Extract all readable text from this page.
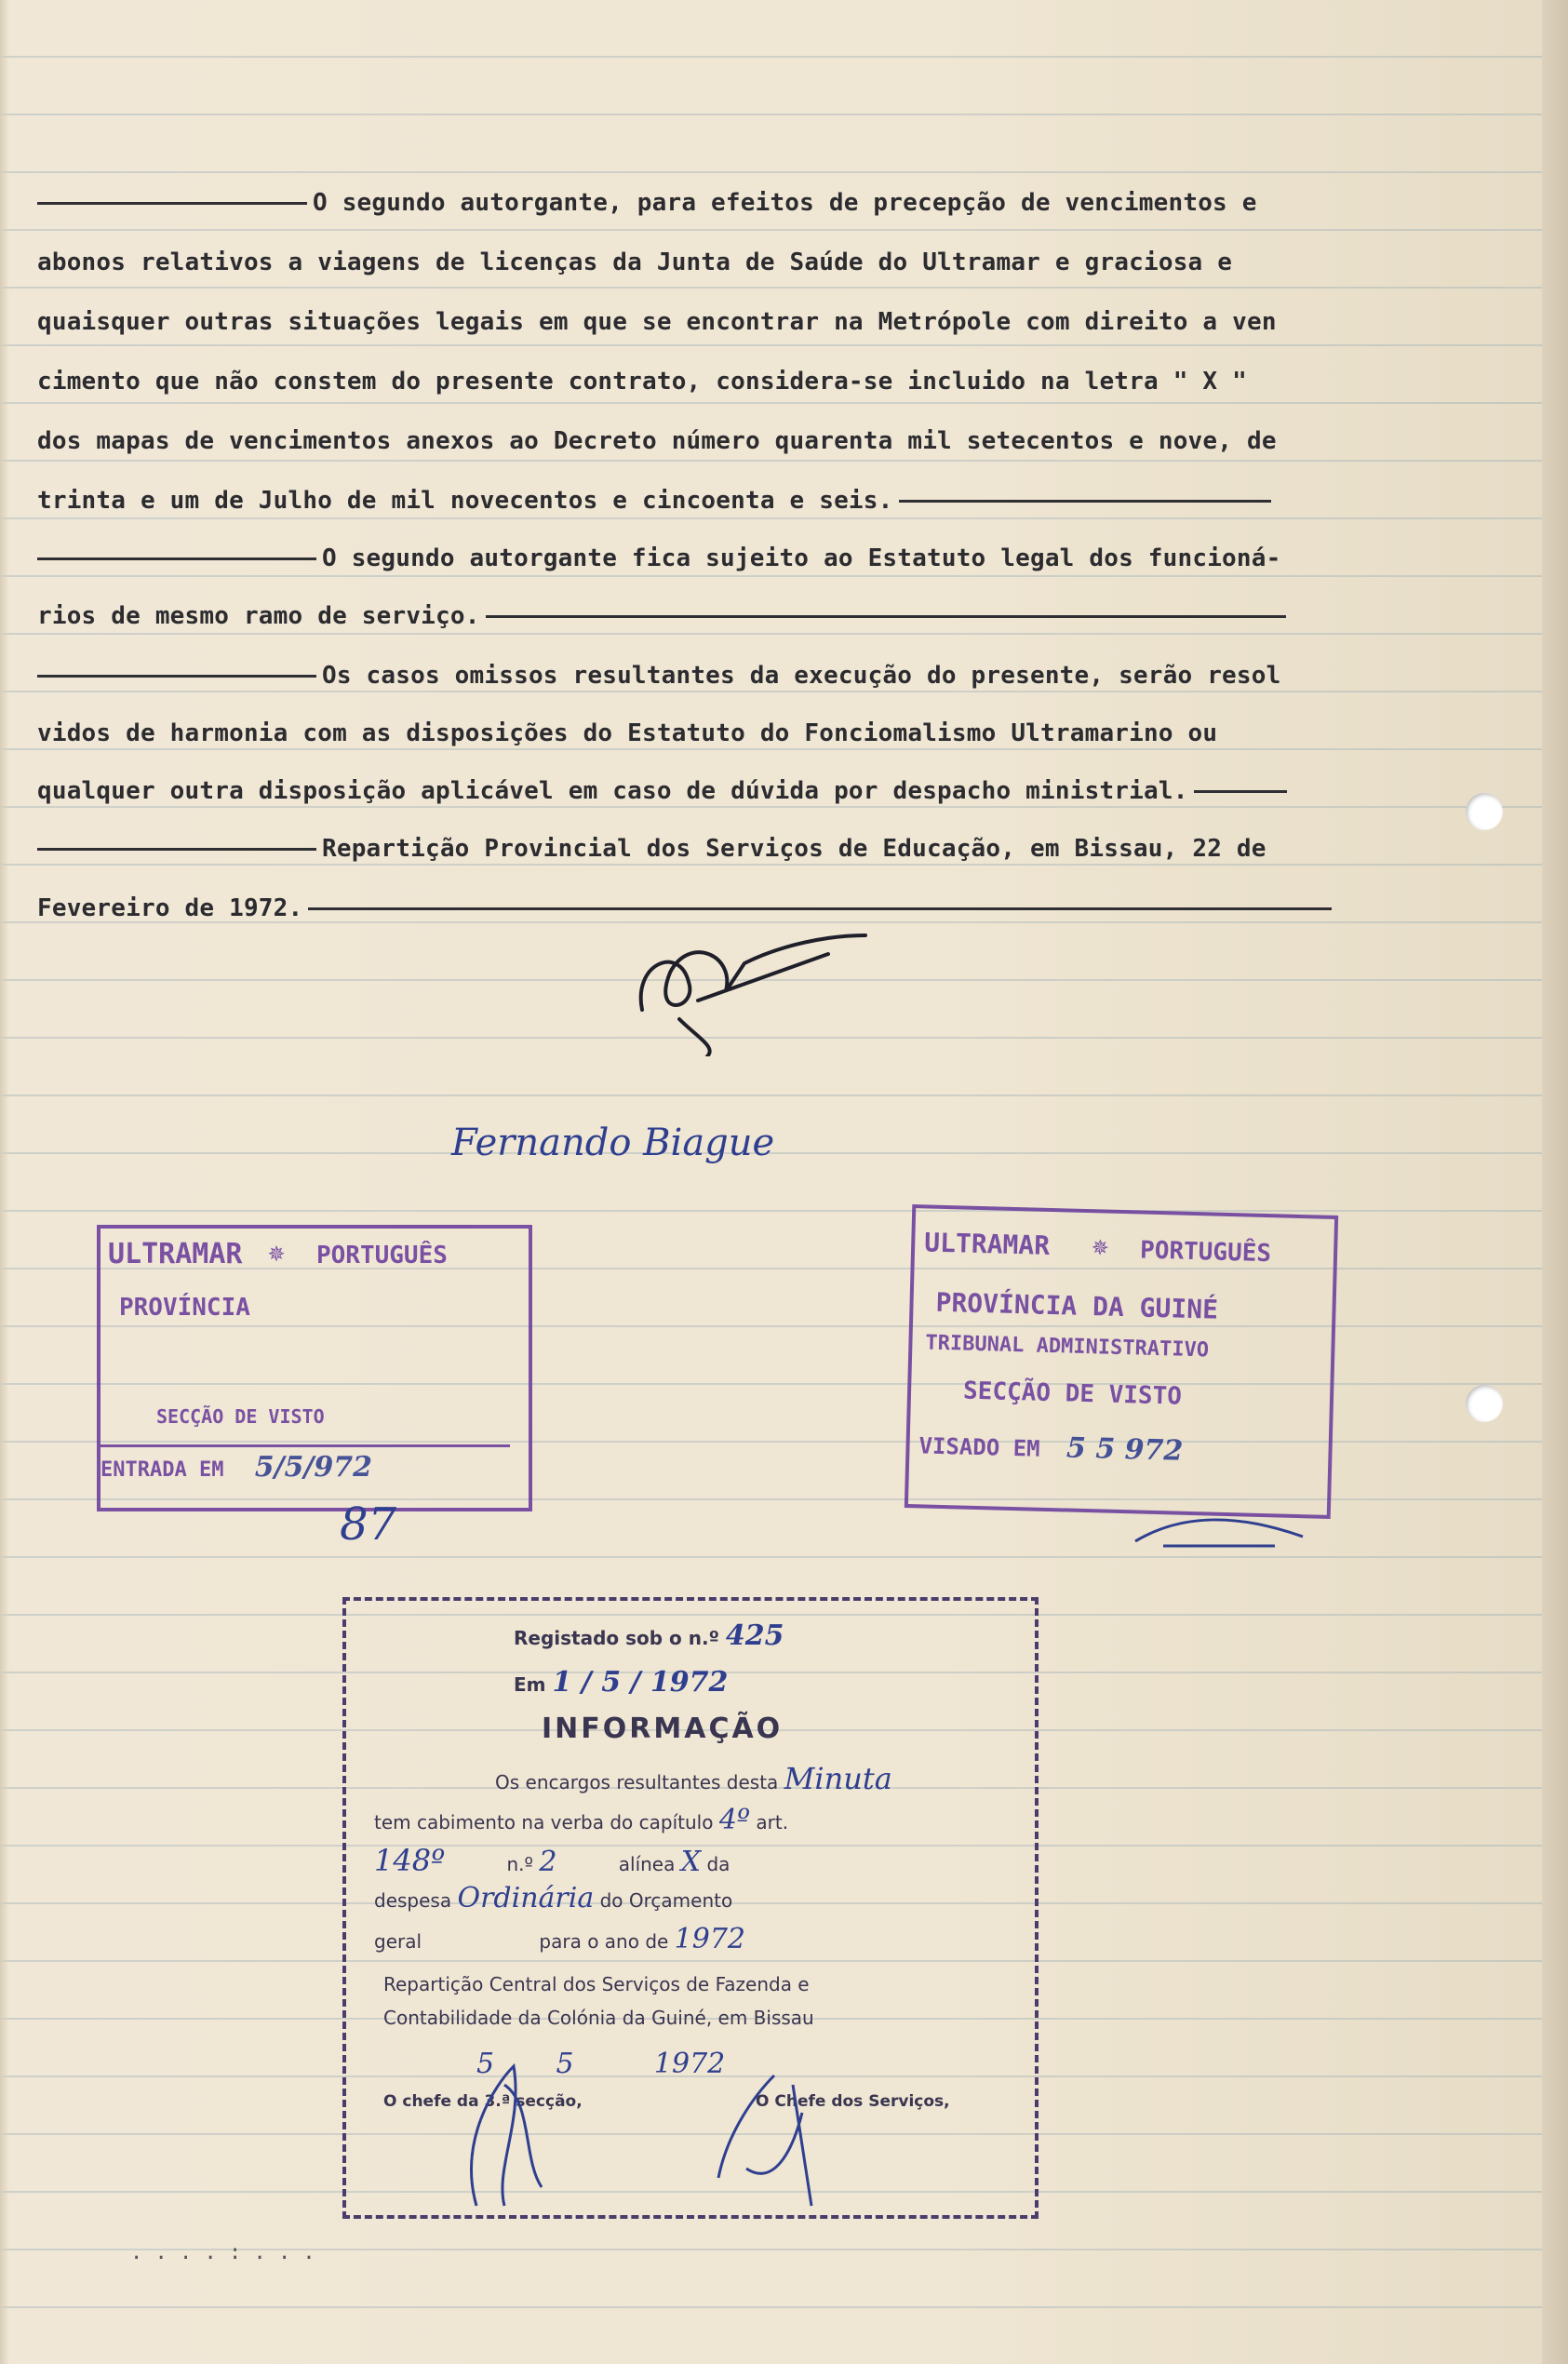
O segundo autorgante, para efeitos de precepção de vencimentos e
abonos relativos a viagens de licenças da Junta de Saúde do Ultramar e graciosa e
quaisquer outras situações legais em que se encontrar na Metrópole com direito a ven
cimento que não constem do presente contrato, considera-se incluido na letra " X "
dos mapas de vencimentos anexos ao Decreto número quarenta mil setecentos e nove, de
trinta e um de Julho de mil novecentos e cincoenta e seis.
O segundo autorgante fica sujeito ao Estatuto legal dos funcioná-
rios de mesmo ramo de serviço.
Os casos omissos resultantes da execução do presente, serão resol
vidos de harmonia com as disposições do Estatuto do Fonciomalismo Ultramarino ou
qualquer outra disposição aplicável em caso de dúvida por despacho ministrial.
Repartição Provincial dos Serviços de Educação, em Bissau, 22 de
Fevereiro de 1972.
Fernando Biague
ULTRAMAR ✵ PORTUGUÊS
PROVÍNCIA
SECÇÃO DE VISTO
ENTRADA EM 5/5/972
87
ULTRAMAR ✵ PORTUGUÊS
PROVÍNCIA DA GUINÉ
TRIBUNAL ADMINISTRATIVO
SECÇÃO DE VISTO
VISADO EM 5 5 972
Registado sob o n.º 425
Em 1 / 5 / 1972
INFORMAÇÃO
Os encargos resultantes desta Minuta
tem cabimento na verba do capítulo 4º art.
148º	n.º 2	alínea X da
despesa Ordinária do Orçamento
geral	para o ano de 1972
Repartição Central dos Serviços de Fazenda e
Contabilidade da Colónia da Guiné, em Bissau
5 5	1972
O chefe da 3.ª secção,	O Chefe dos Serviços,
. . . . : . . .
